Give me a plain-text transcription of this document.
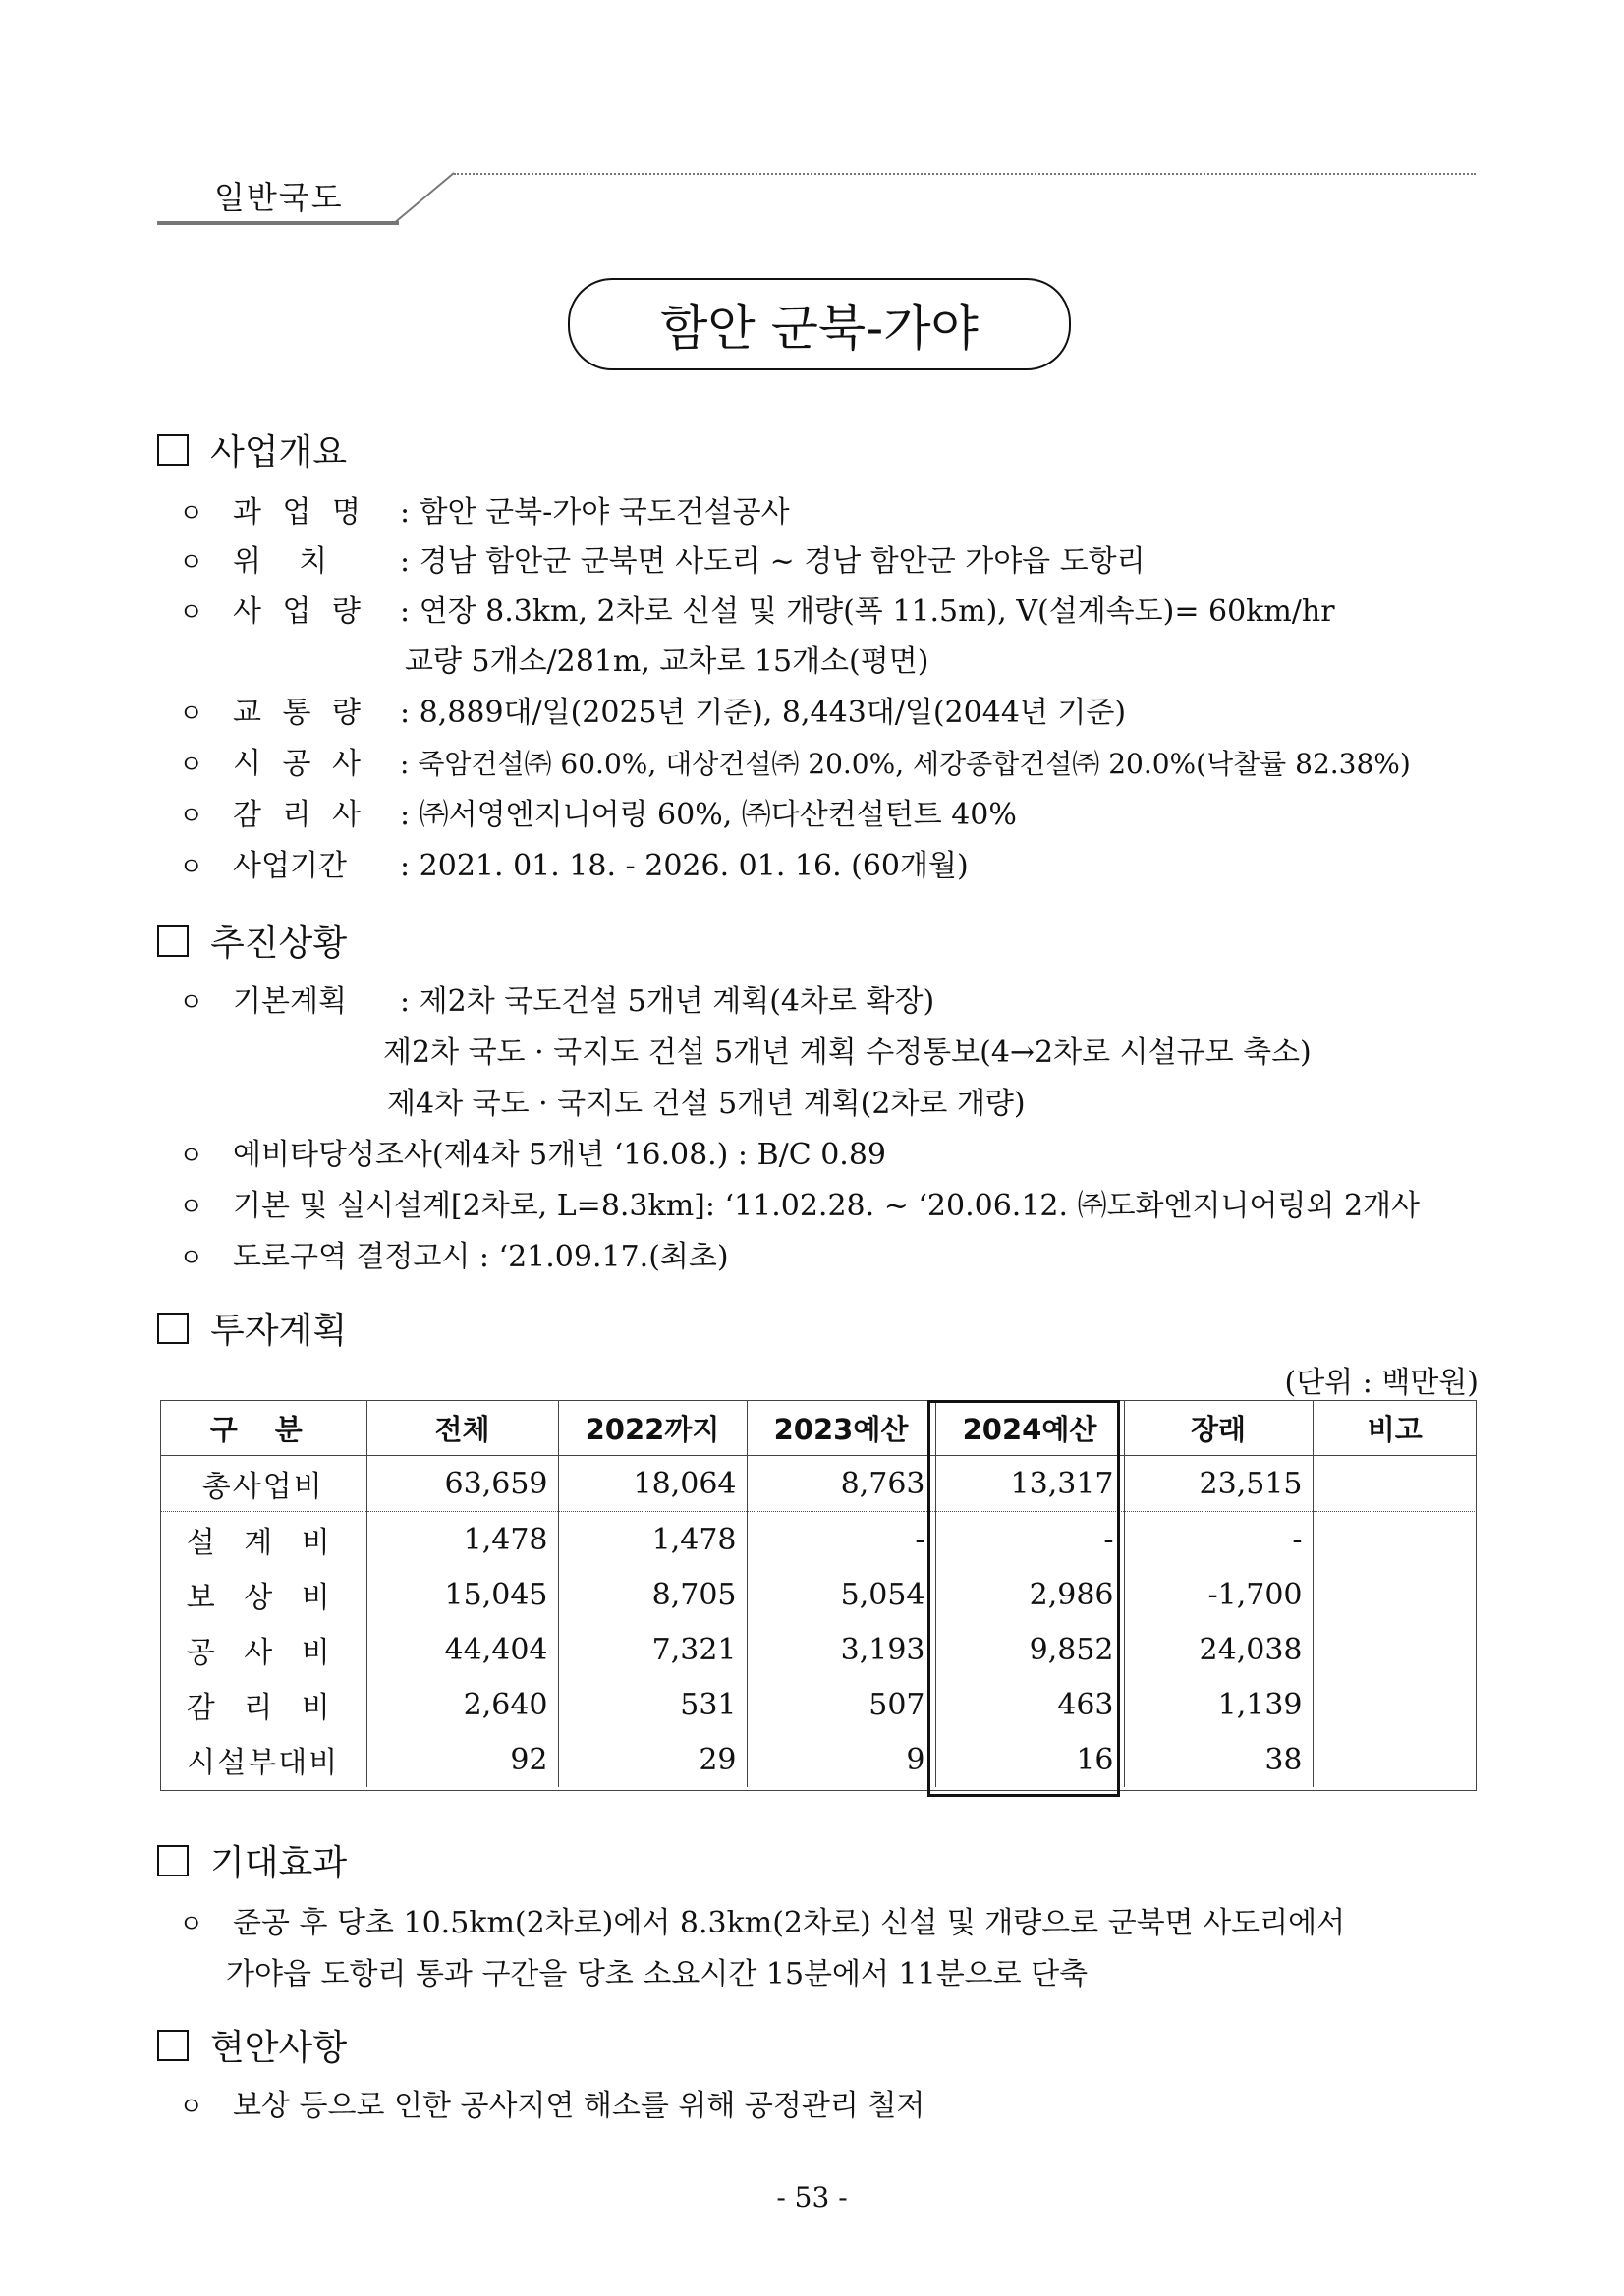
일반국도
함안 군북-가야
사업개요
ㅇ 과 업 명 : 함안 군북-가야 국도건설공사
ㅇ 위    치 : 경남 함안군 군북면 사도리 ~ 경남 함안군 가야읍 도항리
ㅇ 사 업 량 : 연장 8.3km, 2차로 신설 및 개량(폭 11.5m), V(설계속도)= 60km/hr
교량 5개소/281m, 교차로 15개소(평면)
ㅇ 교 통 량 : 8,889대/일(2025년 기준), 8,443대/일(2044년 기준)
ㅇ 시 공 사 : 죽암건설㈜ 60.0%, 대상건설㈜ 20.0%, 세강종합건설㈜ 20.0%(낙찰률 82.38%)
ㅇ 감 리 사 : ㈜서영엔지니어링 60%, ㈜다산컨설턴트 40%
ㅇ 사업기간 : 2021. 01. 18. - 2026. 01. 16. (60개월)
추진상황
ㅇ 기본계획 : 제2차 국도건설 5개년 계획(4차로 확장)
제2차 국도 · 국지도 건설 5개년 계획 수정통보(4→2차로 시설규모 축소)
제4차 국도 · 국지도 건설 5개년 계획(2차로 개량)
ㅇ 예비타당성조사(제4차 5개년 ‘16.08.) : B/C 0.89
ㅇ 기본 및 실시설계[2차로, L=8.3km]: ‘11.02.28. ~ ‘20.06.12. ㈜도화엔지니어링외 2개사
ㅇ 도로구역 결정고시 : ‘21.09.17.(최초)
투자계획
(단위 : 백만원)
구 분	전체	2022까지	2023예산	2024예산	장래	비고
총사업비	63,659	18,064	8,763	13,317	23,515	
설 계 비	1,478	1,478	-	-	-	
보 상 비	15,045	8,705	5,054	2,986	-1,700	
공 사 비	44,404	7,321	3,193	9,852	24,038	
감 리 비	2,640	531	507	463	1,139	
시설부대비	92	29	9	16	38	
기대효과
ㅇ 준공 후 당초 10.5km(2차로)에서 8.3km(2차로) 신설 및 개량으로 군북면 사도리에서
가야읍 도항리 통과 구간을 당초 소요시간 15분에서 11분으로 단축
현안사항
ㅇ 보상 등으로 인한 공사지연 해소를 위해 공정관리 철저
- 53 -
